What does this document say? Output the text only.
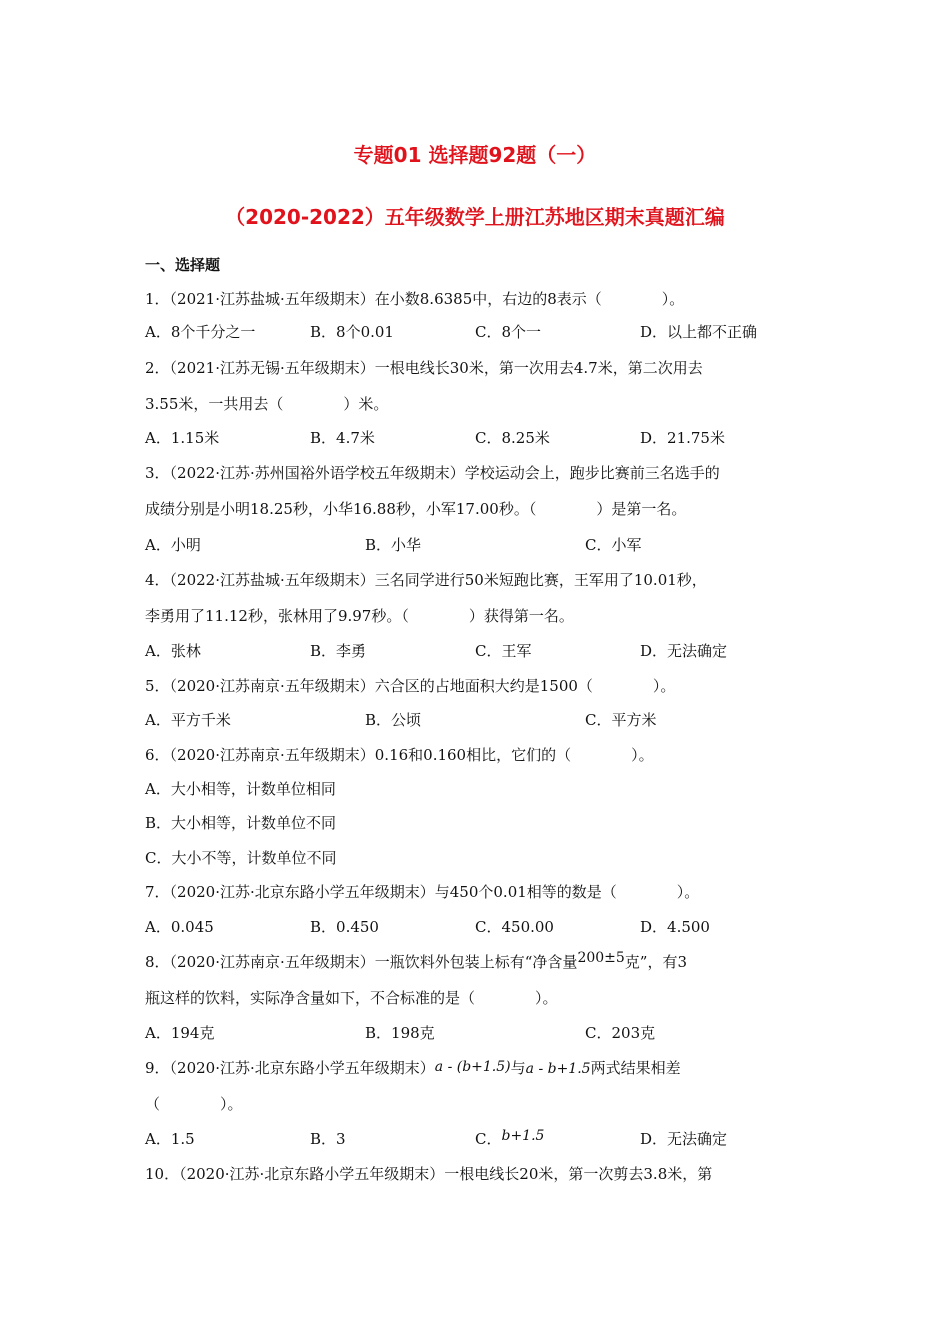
专题01 选择题92题（一）
（2020-2022）五年级数学上册江苏地区期末真题汇编
一、选择题
1．（2021·江苏盐城·五年级期末）在小数8.6385中，右边的8表示（　　　　）。
A．8个千分之一	B．8个0.01	C．8个一	D．以上都不正确
2．（2021·江苏无锡·五年级期末）一根电线长30米，第一次用去4.7米，第二次用去
3.55米，一共用去（　　　　）米。
A．1.15米	B．4.7米	C．8.25米	D．21.75米
3．（2022·江苏·苏州国裕外语学校五年级期末）学校运动会上，跑步比赛前三名选手的
成绩分别是小明18.25秒，小华16.88秒，小军17.00秒。（　　　　）是第一名。
A．小明	B．小华	C．小军
4．（2022·江苏盐城·五年级期末）三名同学进行50米短跑比赛，王军用了10.01秒，
李勇用了11.12秒，张林用了9.97秒。（　　　　）获得第一名。
A．张林	B．李勇	C．王军	D．无法确定
5．（2020·江苏南京·五年级期末）六合区的占地面积大约是1500（　　　　）。
A．平方千米	B．公顷	C．平方米
6．（2020·江苏南京·五年级期末）0.16和0.160相比，它们的（　　　　）。
A．大小相等，计数单位相同
B．大小相等，计数单位不同
C．大小不等，计数单位不同
7．（2020·江苏·北京东路小学五年级期末）与450个0.01相等的数是（　　　　）。
A．0.045	B．0.450	C．450.00	D．4.500
8．（2020·江苏南京·五年级期末）一瓶饮料外包装上标有“净含量200±5克”，有3
瓶这样的饮料，实际净含量如下，不合标准的是（　　　　）。
A．194克	B．198克	C．203克
9．（2020·江苏·北京东路小学五年级期末）a - (b+1.5)与a - b+1.5两式结果相差
（　　　　）。
A．1.5	B．3	C．b+1.5	D．无法确定
10．（2020·江苏·北京东路小学五年级期末）一根电线长20米，第一次剪去3.8米，第
